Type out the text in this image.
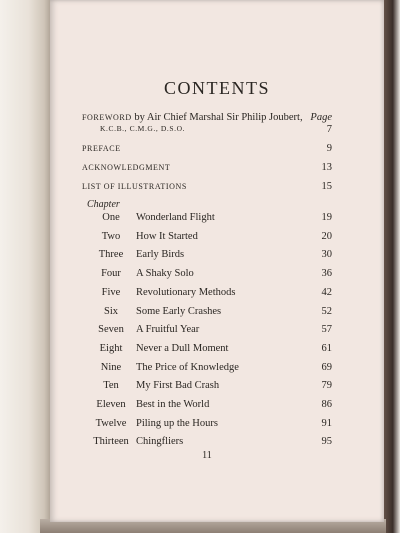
CONTENTS
FOREWORD by Air Chief Marshal Sir Philip Joubert, Page
K.C.B., C.M.G., D.S.O.	7
PREFACE	9
ACKNOWLEDGMENT	13
LIST OF ILLUSTRATIONS	15
Chapter
One	Wonderland Flight	19
Two	How It Started	20
Three	Early Birds	30
Four	A Shaky Solo	36
Five	Revolutionary Methods	42
Six	Some Early Crashes	52
Seven	A Fruitful Year	57
Eight	Never a Dull Moment	61
Nine	The Price of Knowledge	69
Ten	My First Bad Crash	79
Eleven Best in the World	86
Twelve Piling up the Hours	91
Thirteen Chingfliers	95
11
